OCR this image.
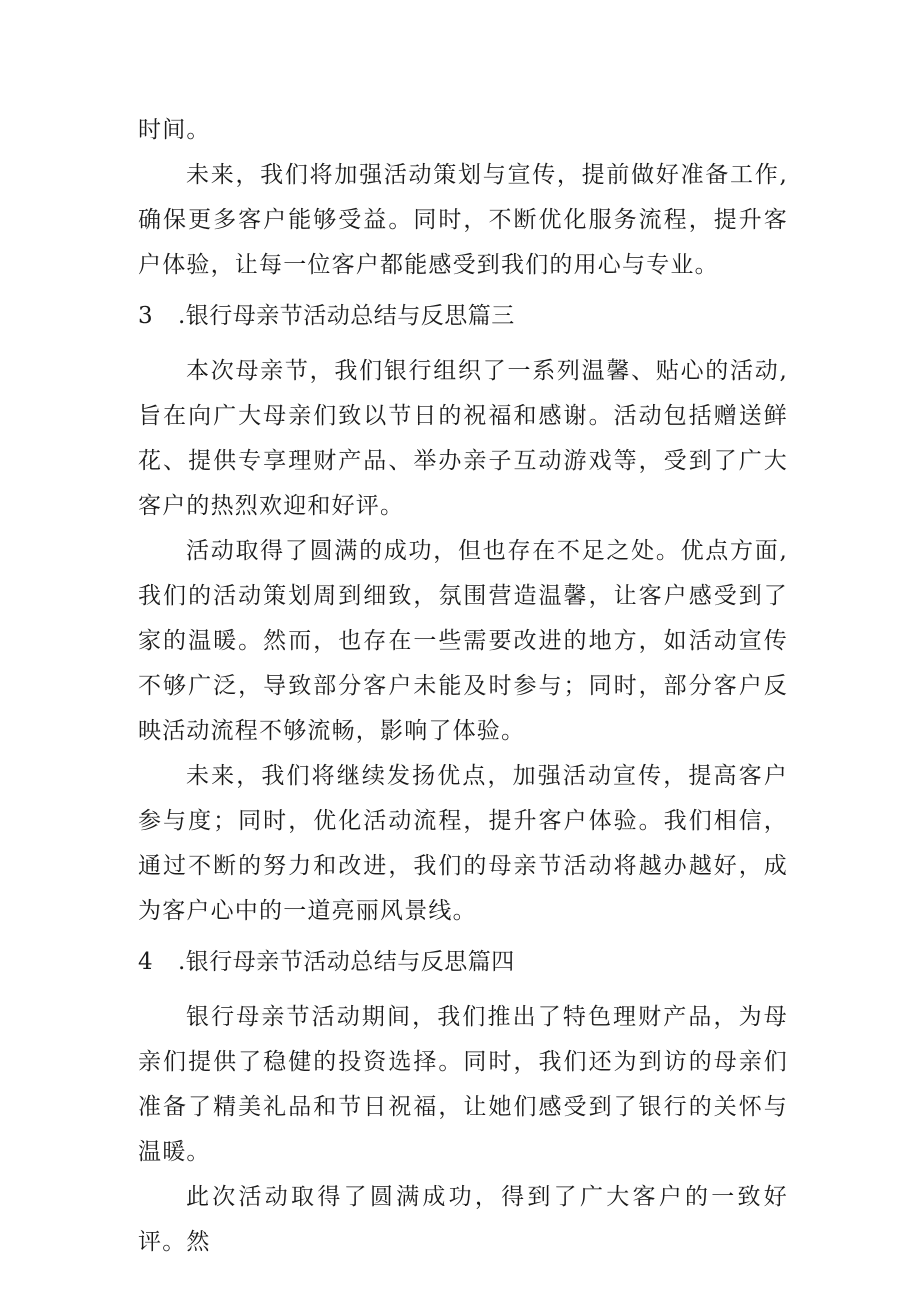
时间。

未来，我们将加强活动策划与宣传，提前做好准备工作,确保更多客户能够受益。同时，不断优化服务流程，提升客户体验，让每一位客户都能感受到我们的用心与专业。

3 .银行母亲节活动总结与反思篇三

本次母亲节，我们银行组织了一系列温馨、贴心的活动,旨在向广大母亲们致以节日的祝福和感谢。活动包括赠送鲜花、提供专享理财产品、举办亲子互动游戏等，受到了广大客户的热烈欢迎和好评。

活动取得了圆满的成功，但也存在不足之处。优点方面,我们的活动策划周到细致，氛围营造温馨，让客户感受到了家的温暖。然而，也存在一些需要改进的地方，如活动宣传不够广泛，导致部分客户未能及时参与；同时，部分客户反映活动流程不够流畅，影响了体验。

未来，我们将继续发扬优点，加强活动宣传，提高客户参与度；同时，优化活动流程，提升客户体验。我们相信，通过不断的努力和改进，我们的母亲节活动将越办越好，成为客户心中的一道亮丽风景线。

4 .银行母亲节活动总结与反思篇四

银行母亲节活动期间，我们推出了特色理财产品，为母亲们提供了稳健的投资选择。同时，我们还为到访的母亲们准备了精美礼品和节日祝福，让她们感受到了银行的关怀与温暖。

此次活动取得了圆满成功，得到了广大客户的一致好评。然
